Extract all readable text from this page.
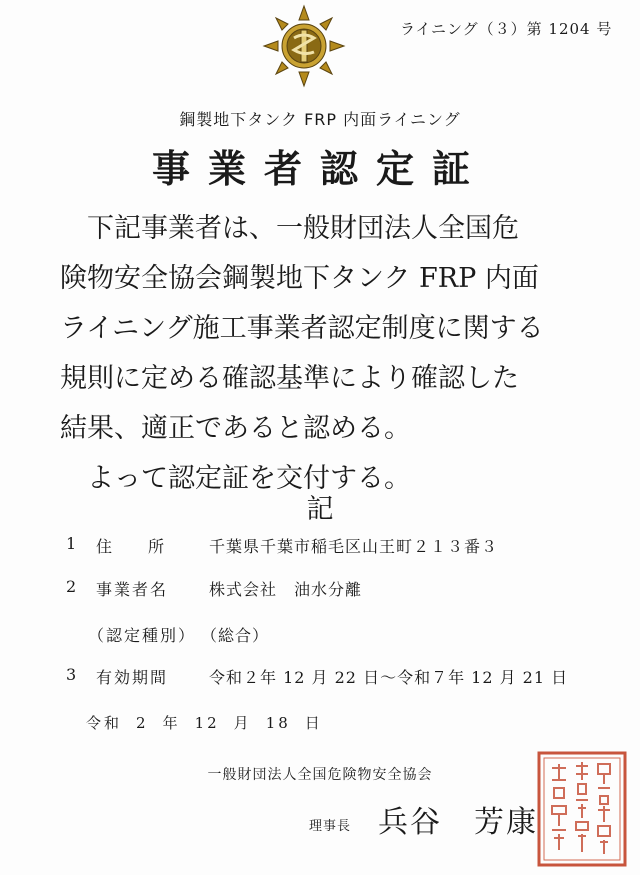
ライニング（３）第 1204 号
鋼製地下タンク FRP 内面ライニング
事業者認定証
下記事業者は、一般財団法人全国危
険物安全協会鋼製地下タンク FRP 内面
ライニング施工事業者認定制度に関する
規則に定める確認基準により確認した
結果、適正であると認める。
よって認定証を交付する。
記
1 住所 千葉県千葉市稲毛区山王町２１３番３
2 事業者名	株式会社　油水分離
（認定種別） （総合）
3 有効期間	令和２年 12 月 22 日～令和７年 12 月 21 日
令和 2 年 12 月 18 日
一般財団法人全国危険物安全協会
理事長 兵谷　芳康
